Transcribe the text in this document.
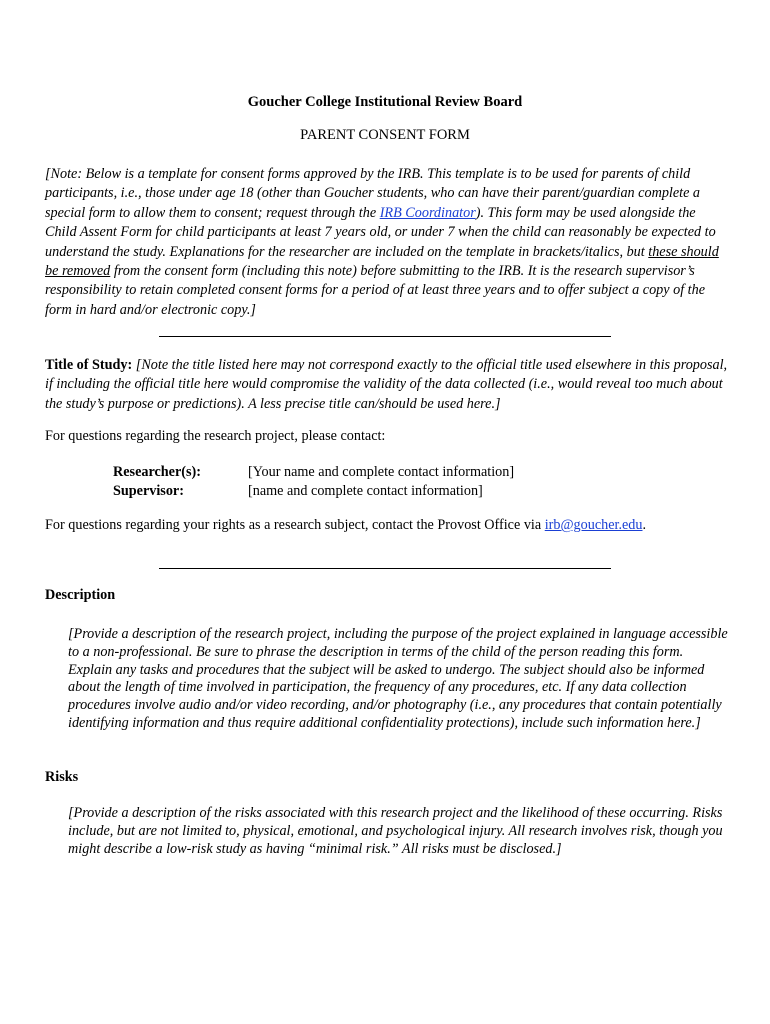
Goucher College Institutional Review Board
PARENT CONSENT FORM
[Note: Below is a template for consent forms approved by the IRB. This template is to be used for parents of child participants, i.e., those under age 18 (other than Goucher students, who can have their parent/guardian complete a special form to allow them to consent; request through the IRB Coordinator). This form may be used alongside the Child Assent Form for child participants at least 7 years old, or under 7 when the child can reasonably be expected to understand the study. Explanations for the researcher are included on the template in brackets/italics, but these should be removed from the consent form (including this note) before submitting to the IRB. It is the research supervisor’s responsibility to retain completed consent forms for a period of at least three years and to offer subject a copy of the form in hard and/or electronic copy.]
Title of Study: [Note the title listed here may not correspond exactly to the official title used elsewhere in this proposal, if including the official title here would compromise the validity of the data collected (i.e., would reveal too much about the study’s purpose or predictions). A less precise title can/should be used here.]
For questions regarding the research project, please contact:
Researcher(s):	[Your name and complete contact information]
Supervisor:	[name and complete contact information]
For questions regarding your rights as a research subject, contact the Provost Office via irb@goucher.edu.
Description
[Provide a description of the research project, including the purpose of the project explained in language accessible to a non-professional. Be sure to phrase the description in terms of the child of the person reading this form. Explain any tasks and procedures that the subject will be asked to undergo. The subject should also be informed about the length of time involved in participation, the frequency of any procedures, etc. If any data collection procedures involve audio and/or video recording, and/or photography (i.e., any procedures that contain potentially identifying information and thus require additional confidentiality protections), include such information here.]
Risks
[Provide a description of the risks associated with this research project and the likelihood of these occurring. Risks include, but are not limited to, physical, emotional, and psychological injury. All research involves risk, though you might describe a low-risk study as having “minimal risk.” All risks must be disclosed.]
